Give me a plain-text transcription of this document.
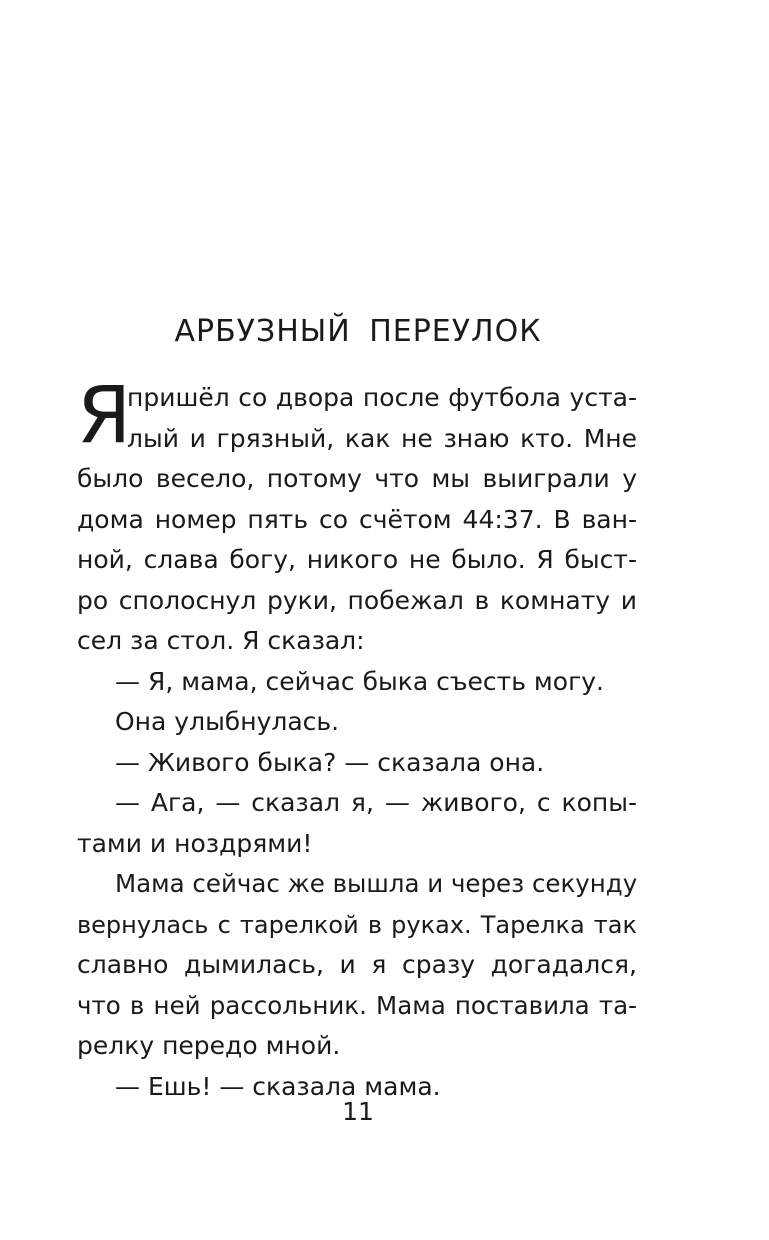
АРБУЗНЫЙ ПЕРЕУЛОК
Я
пришёл со двора после футбола уста-
лый и грязный, как не знаю кто. Мне
было весело, потому что мы выиграли у
дома номер пять со счётом 44:37. В ван-
ной, слава богу, никого не было. Я быст-
ро сполоснул руки, побежал в комнату и
сел за стол. Я сказал:
— Я, мама, сейчас быка съесть могу.
Она улыбнулась.
— Живого быка? — сказала она.
— Ага, — сказал я, — живого, с копы-
тами и ноздрями!
Мама сейчас же вышла и через секунду
вернулась с тарелкой в руках. Тарелка так
славно дымилась, и я сразу догадался,
что в ней рассольник. Мама поставила та-
релку передо мной.
— Ешь! — сказала мама.
11
